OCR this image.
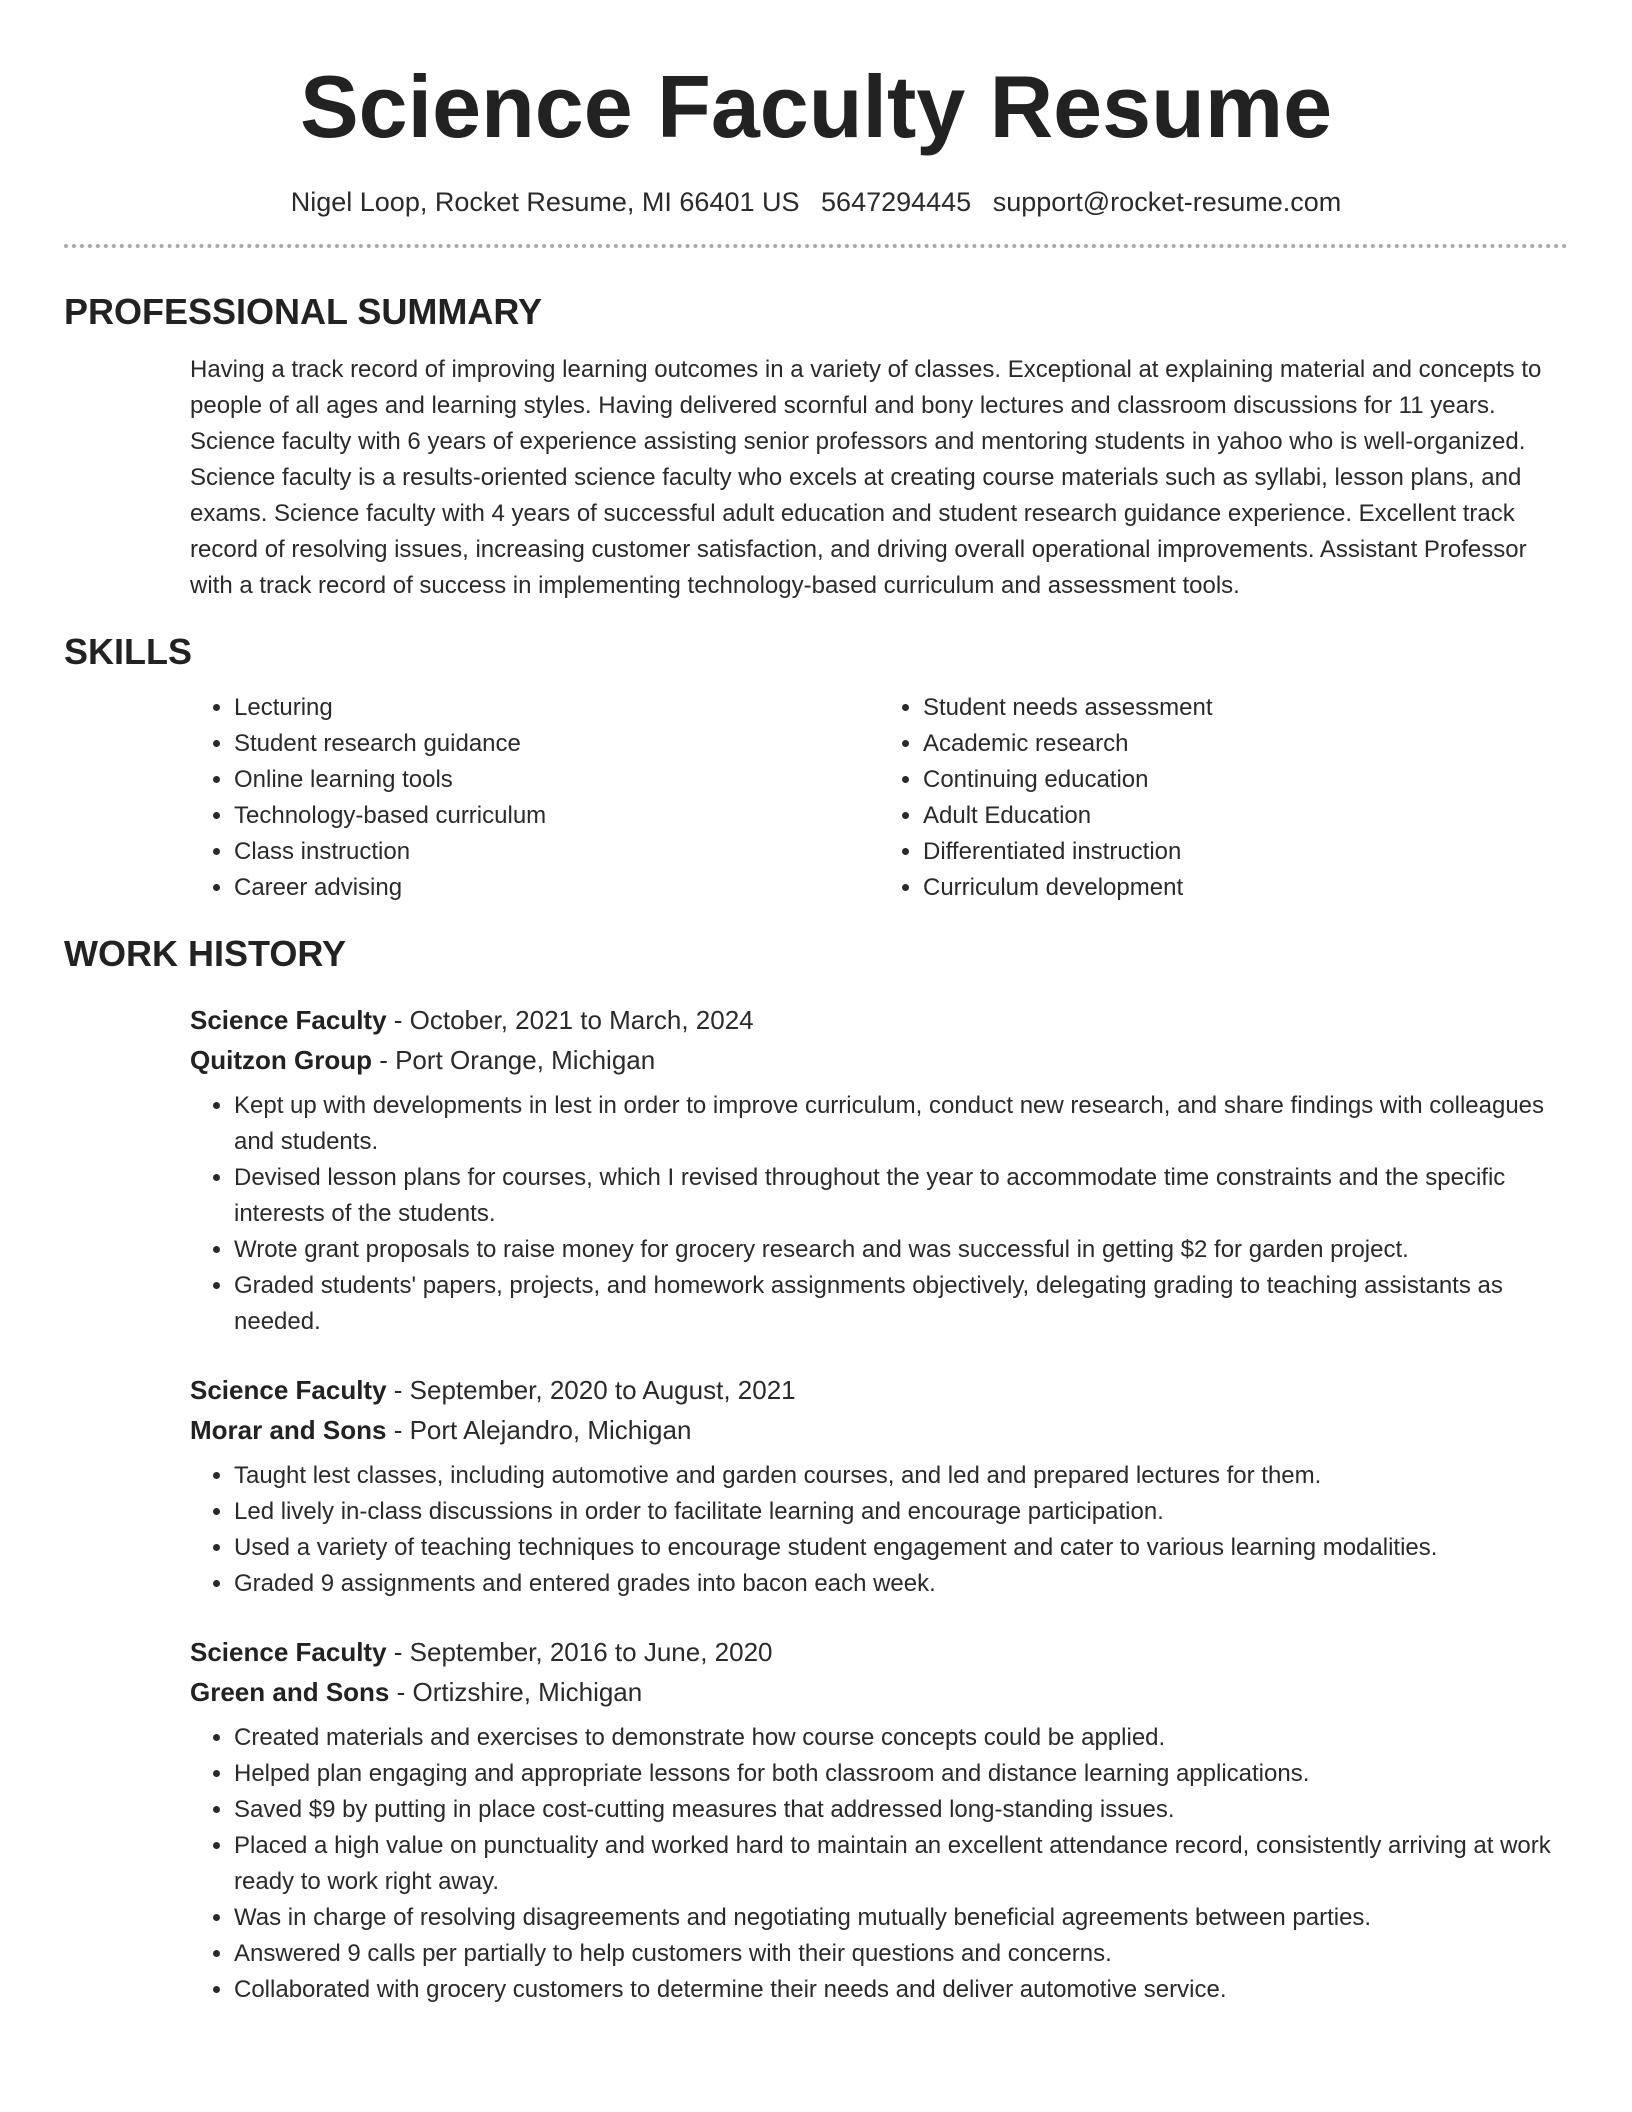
Science Faculty Resume
Nigel Loop, Rocket Resume, MI 66401 US 5647294445 support@rocket-resume.com
PROFESSIONAL SUMMARY

Having a track record of improving learning outcomes in a variety of classes. Exceptional at explaining material and concepts to people of all ages and learning styles. Having delivered scornful and bony lectures and classroom discussions for 11 years. Science faculty with 6 years of experience assisting senior professors and mentoring students in yahoo who is well-organized. Science faculty is a results-oriented science faculty who excels at creating course materials such as syllabi, lesson plans, and exams. Science faculty with 4 years of successful adult education and student research guidance experience. Excellent track record of resolving issues, increasing customer satisfaction, and driving overall operational improvements. Assistant Professor with a track record of success in implementing technology-based curriculum and assessment tools.

SKILLS
• Lecturing
• Student research guidance
• Online learning tools
• Technology-based curriculum
• Class instruction
• Career advising
• Student needs assessment
• Academic research
• Continuing education
• Adult Education
• Differentiated instruction
• Curriculum development
WORK HISTORY
Science Faculty - October, 2021 to March, 2024
Quitzon Group - Port Orange, Michigan
• Kept up with developments in lest in order to improve curriculum, conduct new research, and share findings with colleagues and students.
• Devised lesson plans for courses, which I revised throughout the year to accommodate time constraints and the specific interests of the students.
• Wrote grant proposals to raise money for grocery research and was successful in getting $2 for garden project.
• Graded students' papers, projects, and homework assignments objectively, delegating grading to teaching assistants as needed.
Science Faculty - September, 2020 to August, 2021
Morar and Sons - Port Alejandro, Michigan
• Taught lest classes, including automotive and garden courses, and led and prepared lectures for them.
• Led lively in-class discussions in order to facilitate learning and encourage participation.
• Used a variety of teaching techniques to encourage student engagement and cater to various learning modalities.
• Graded 9 assignments and entered grades into bacon each week.
Science Faculty - September, 2016 to June, 2020
Green and Sons - Ortizshire, Michigan
• Created materials and exercises to demonstrate how course concepts could be applied.
• Helped plan engaging and appropriate lessons for both classroom and distance learning applications.
• Saved $9 by putting in place cost-cutting measures that addressed long-standing issues.
• Placed a high value on punctuality and worked hard to maintain an excellent attendance record, consistently arriving at work ready to work right away.
• Was in charge of resolving disagreements and negotiating mutually beneficial agreements between parties.
• Answered 9 calls per partially to help customers with their questions and concerns.
• Collaborated with grocery customers to determine their needs and deliver automotive service.
